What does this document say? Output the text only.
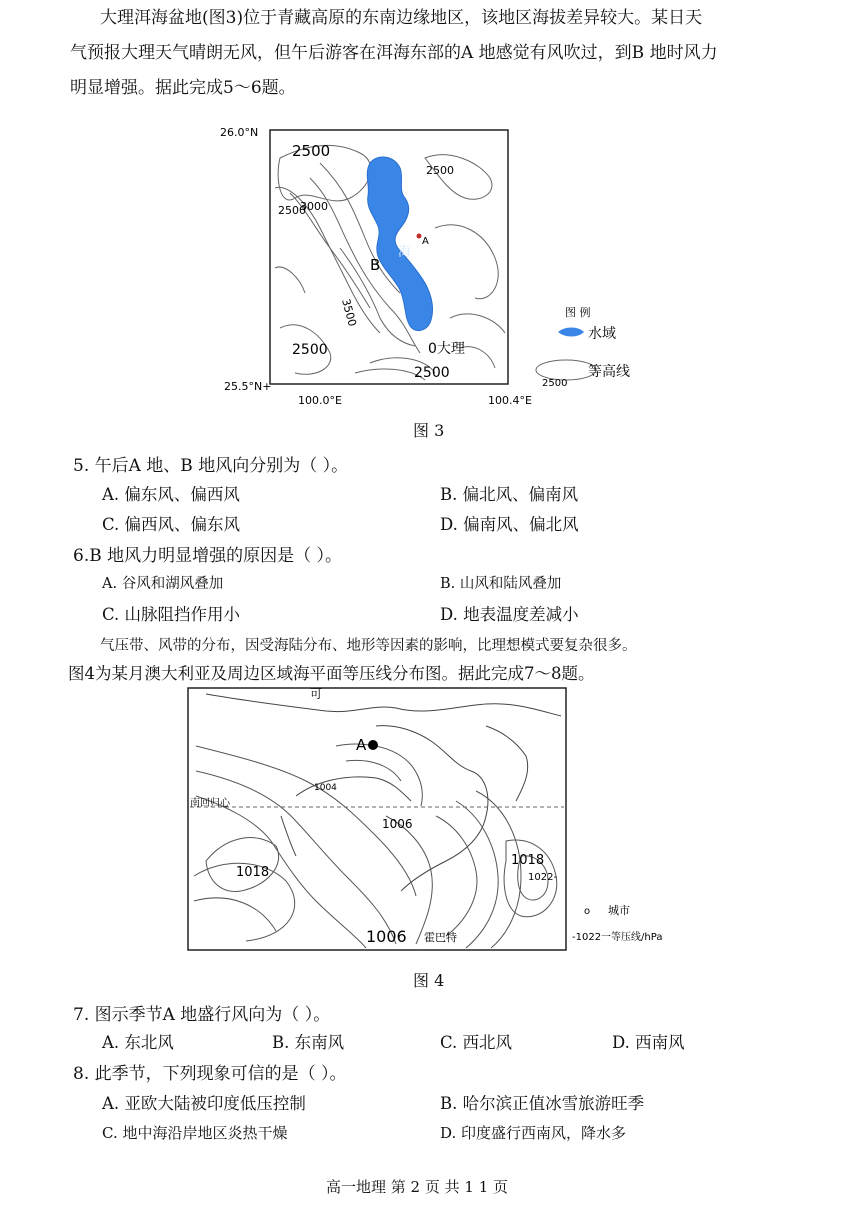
大理洱海盆地(图3)位于青藏高原的东南边缘地区，该地区海拔差异较大。某日天
气预报大理天气晴朗无风，但午后游客在洱海东部的A 地感觉有风吹过，到B 地时风力
明显增强。据此完成5～6题。
26.0°N
25.5°N+
100.0°E	100.4°E
2500
2500
2500
3000
2500
2500
3500
海
A
B
0大理
图 例
水域
2500
等高线
图 3
5. 午后A 地、B 地风向分别为（ ）。
A. 偏东风、偏西风	B. 偏北风、偏南风
C. 偏西风、偏东风	D. 偏南风、偏北风
6.B 地风力明显增强的原因是（ ）。
A. 谷风和湖风叠加	B. 山风和陆风叠加
C. 山脉阻挡作用小	D. 地表温度差减小
气压带、风带的分布，因受海陆分布、地形等因素的影响，比理想模式要复杂很多。
图4为某月澳大利亚及周边区域海平面等压线分布图。据此完成7～8题。
可
A
1004
南回归心
1006
1018
1018
1022-
1006 霍巴特
o 城市
-1022一等压线/hPa
图 4
7. 图示季节A 地盛行风向为（ ）。
A. 东北风	B. 东南风	C. 西北风	D. 西南风
8. 此季节，下列现象可信的是（ ）。
A. 亚欧大陆被印度低压控制	B. 哈尔滨正值冰雪旅游旺季
C. 地中海沿岸地区炎热干燥	D. 印度盛行西南风，降水多
高一地理 第 2 页 共 1 1 页
